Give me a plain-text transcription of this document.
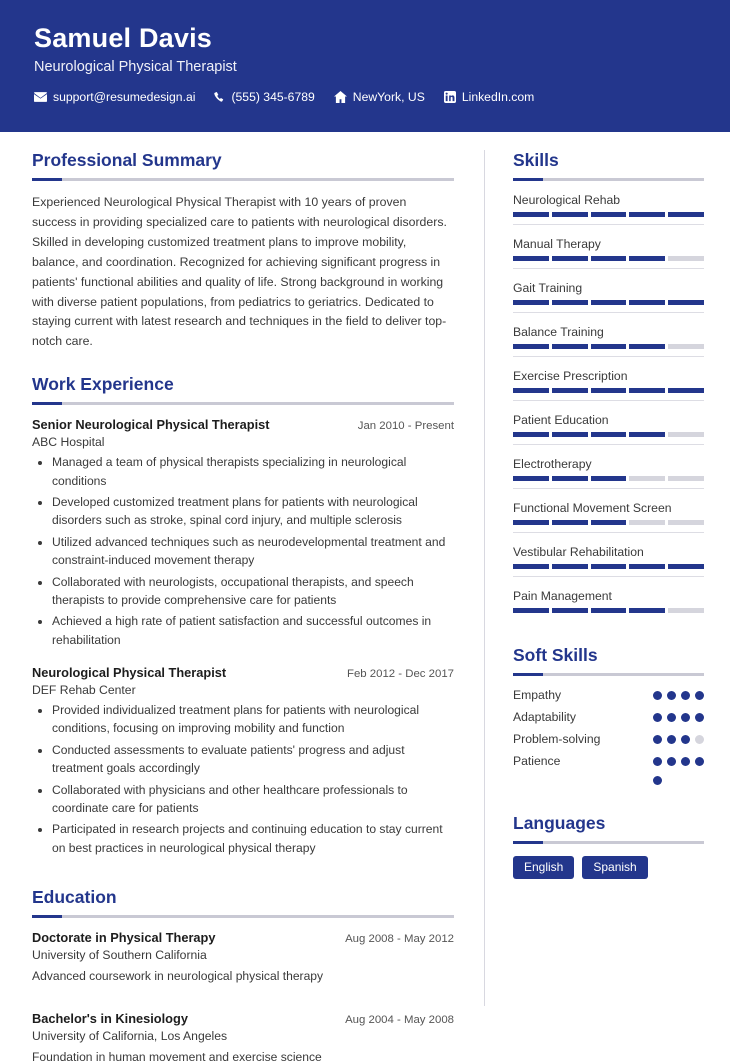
Samuel Davis
Neurological Physical Therapist
support@resumedesign.ai	(555) 345-6789	NewYork, US	LinkedIn.com
Professional Summary

Experienced Neurological Physical Therapist with 10 years of proven success in providing specialized care to patients with neurological disorders. Skilled in developing customized treatment plans to improve mobility, balance, and coordination. Recognized for achieving significant progress in patients' functional abilities and quality of life. Strong background in working with diverse patient populations, from pediatrics to geriatrics. Dedicated to staying current with latest research and techniques in the field to deliver top-notch care.

Work Experience
Senior Neurological Physical Therapist	Jan 2010 - Present
ABC Hospital
• Managed a team of physical therapists specializing in neurological conditions
• Developed customized treatment plans for patients with neurological disorders such as stroke, spinal cord injury, and multiple sclerosis
• Utilized advanced techniques such as neurodevelopmental treatment and constraint-induced movement therapy
• Collaborated with neurologists, occupational therapists, and speech therapists to provide comprehensive care for patients
• Achieved a high rate of patient satisfaction and successful outcomes in rehabilitation
Neurological Physical Therapist	Feb 2012 - Dec 2017
DEF Rehab Center
• Provided individualized treatment plans for patients with neurological conditions, focusing on improving mobility and function
• Conducted assessments to evaluate patients' progress and adjust treatment goals accordingly
• Collaborated with physicians and other healthcare professionals to coordinate care for patients
• Participated in research projects and continuing education to stay current on best practices in neurological physical therapy
Education
Doctorate in Physical Therapy	Aug 2008 - May 2012
University of Southern California
Advanced coursework in neurological physical therapy
Bachelor's in Kinesiology	Aug 2004 - May 2008
University of California, Los Angeles
Foundation in human movement and exercise science
Skills
Neurological Rehab
Manual Therapy
Gait Training
Balance Training
Exercise Prescription
Patient Education
Electrotherapy
Functional Movement Screen
Vestibular Rehabilitation
Pain Management
Soft Skills
Empathy
Adaptability
Problem-solving
Patience
Languages
English	Spanish
